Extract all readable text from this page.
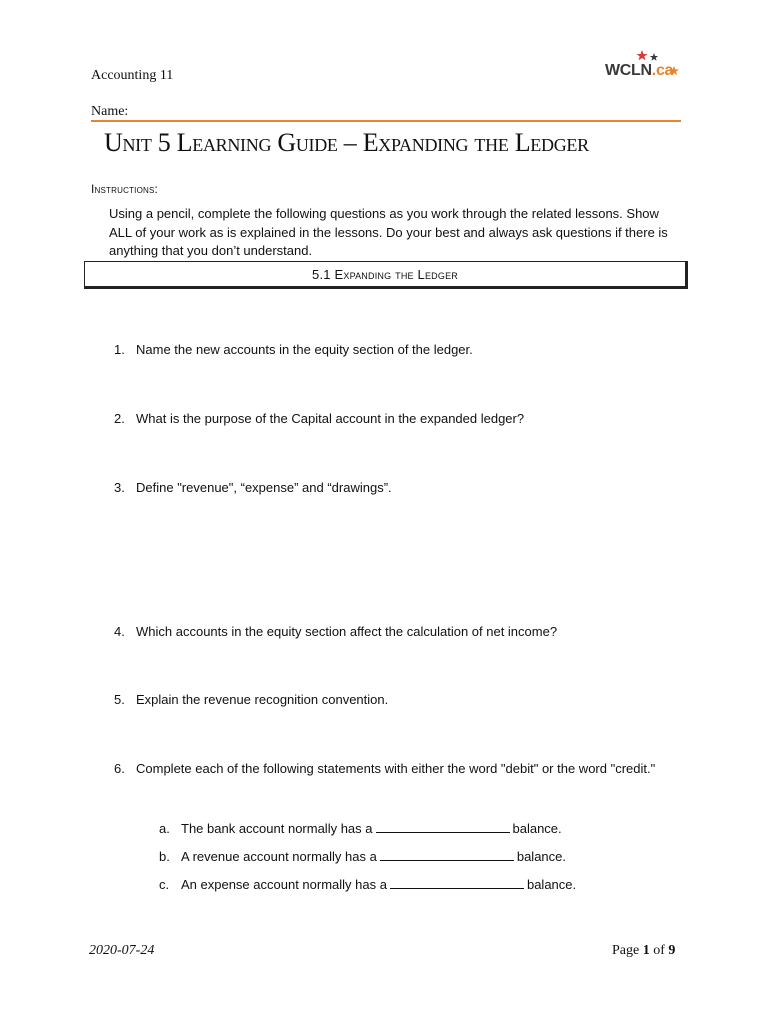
Accounting 11	WCLN.ca
Name:
Unit 5 Learning Guide – Expanding the Ledger
Instructions:
Using a pencil, complete the following questions as you work through the related lessons. Show ALL of your work as is explained in the lessons. Do your best and always ask questions if there is anything that you don’t understand.
5.1 Expanding the Ledger
1. Name the new accounts in the equity section of the ledger.
2. What is the purpose of the Capital account in the expanded ledger?
3. Define "revenue", “expense” and “drawings”.
4. Which accounts in the equity section affect the calculation of net income?
5. Explain the revenue recognition convention.
6. Complete each of the following statements with either the word "debit" or the word "credit."
a. The bank account normally has a	balance.
b. A revenue account normally has a	balance.
c. An expense account normally has a	balance.
2020-07-24	Page 1 of 9
